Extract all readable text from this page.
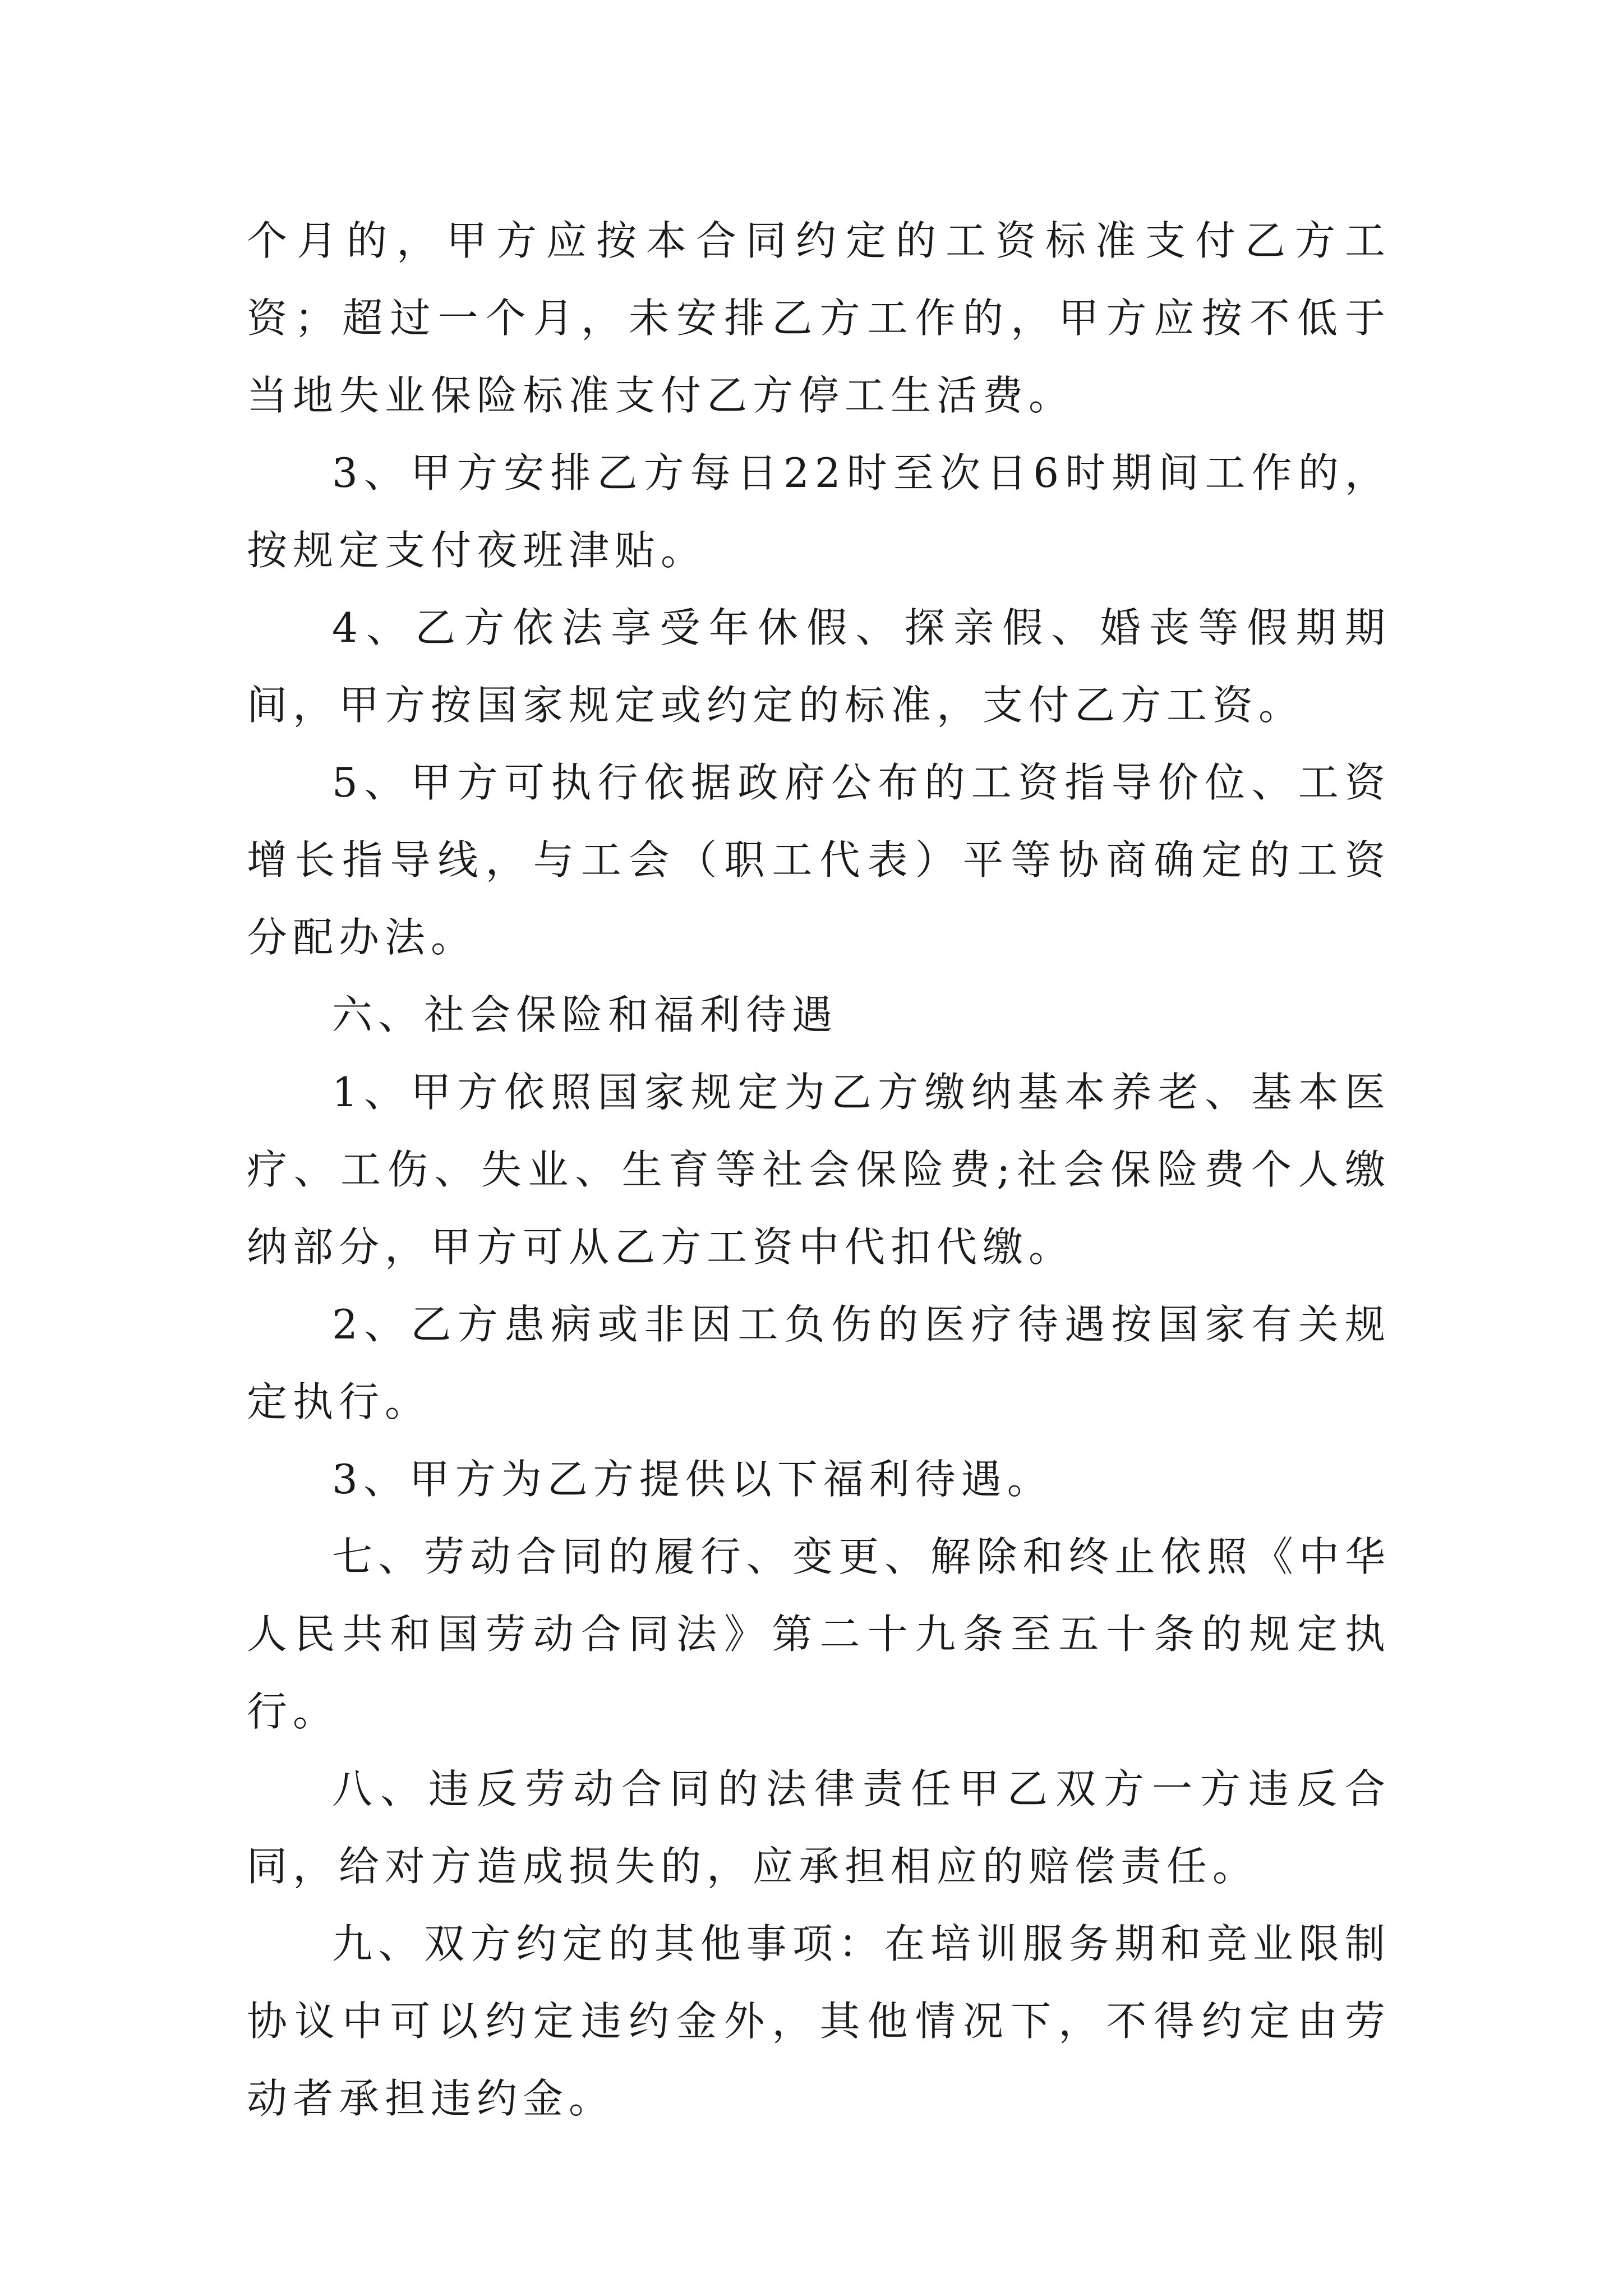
个月的，甲方应按本合同约定的工资标准支付乙方工资；超过一个月，未安排乙方工作的，甲方应按不低于当地失业保险标准支付乙方停工生活费。

3、甲方安排乙方每日22时至次日6时期间工作的，按规定支付夜班津贴。

4、乙方依法享受年休假、探亲假、婚丧等假期期间，甲方按国家规定或约定的标准，支付乙方工资。

5、甲方可执行依据政府公布的工资指导价位、工资增长指导线，与工会（职工代表）平等协商确定的工资分配办法。

六、社会保险和福利待遇

1、甲方依照国家规定为乙方缴纳基本养老、基本医疗、工伤、失业、生育等社会保险费;社会保险费个人缴纳部分，甲方可从乙方工资中代扣代缴。

2、乙方患病或非因工负伤的医疗待遇按国家有关规定执行。

3、甲方为乙方提供以下福利待遇。

七、劳动合同的履行、变更、解除和终止依照《中华人民共和国劳动合同法》第二十九条至五十条的规定执行。

八、违反劳动合同的法律责任甲乙双方一方违反合同，给对方造成损失的，应承担相应的赔偿责任。

九、双方约定的其他事项：在培训服务期和竞业限制协议中可以约定违约金外，其他情况下，不得约定由劳动者承担违约金。
